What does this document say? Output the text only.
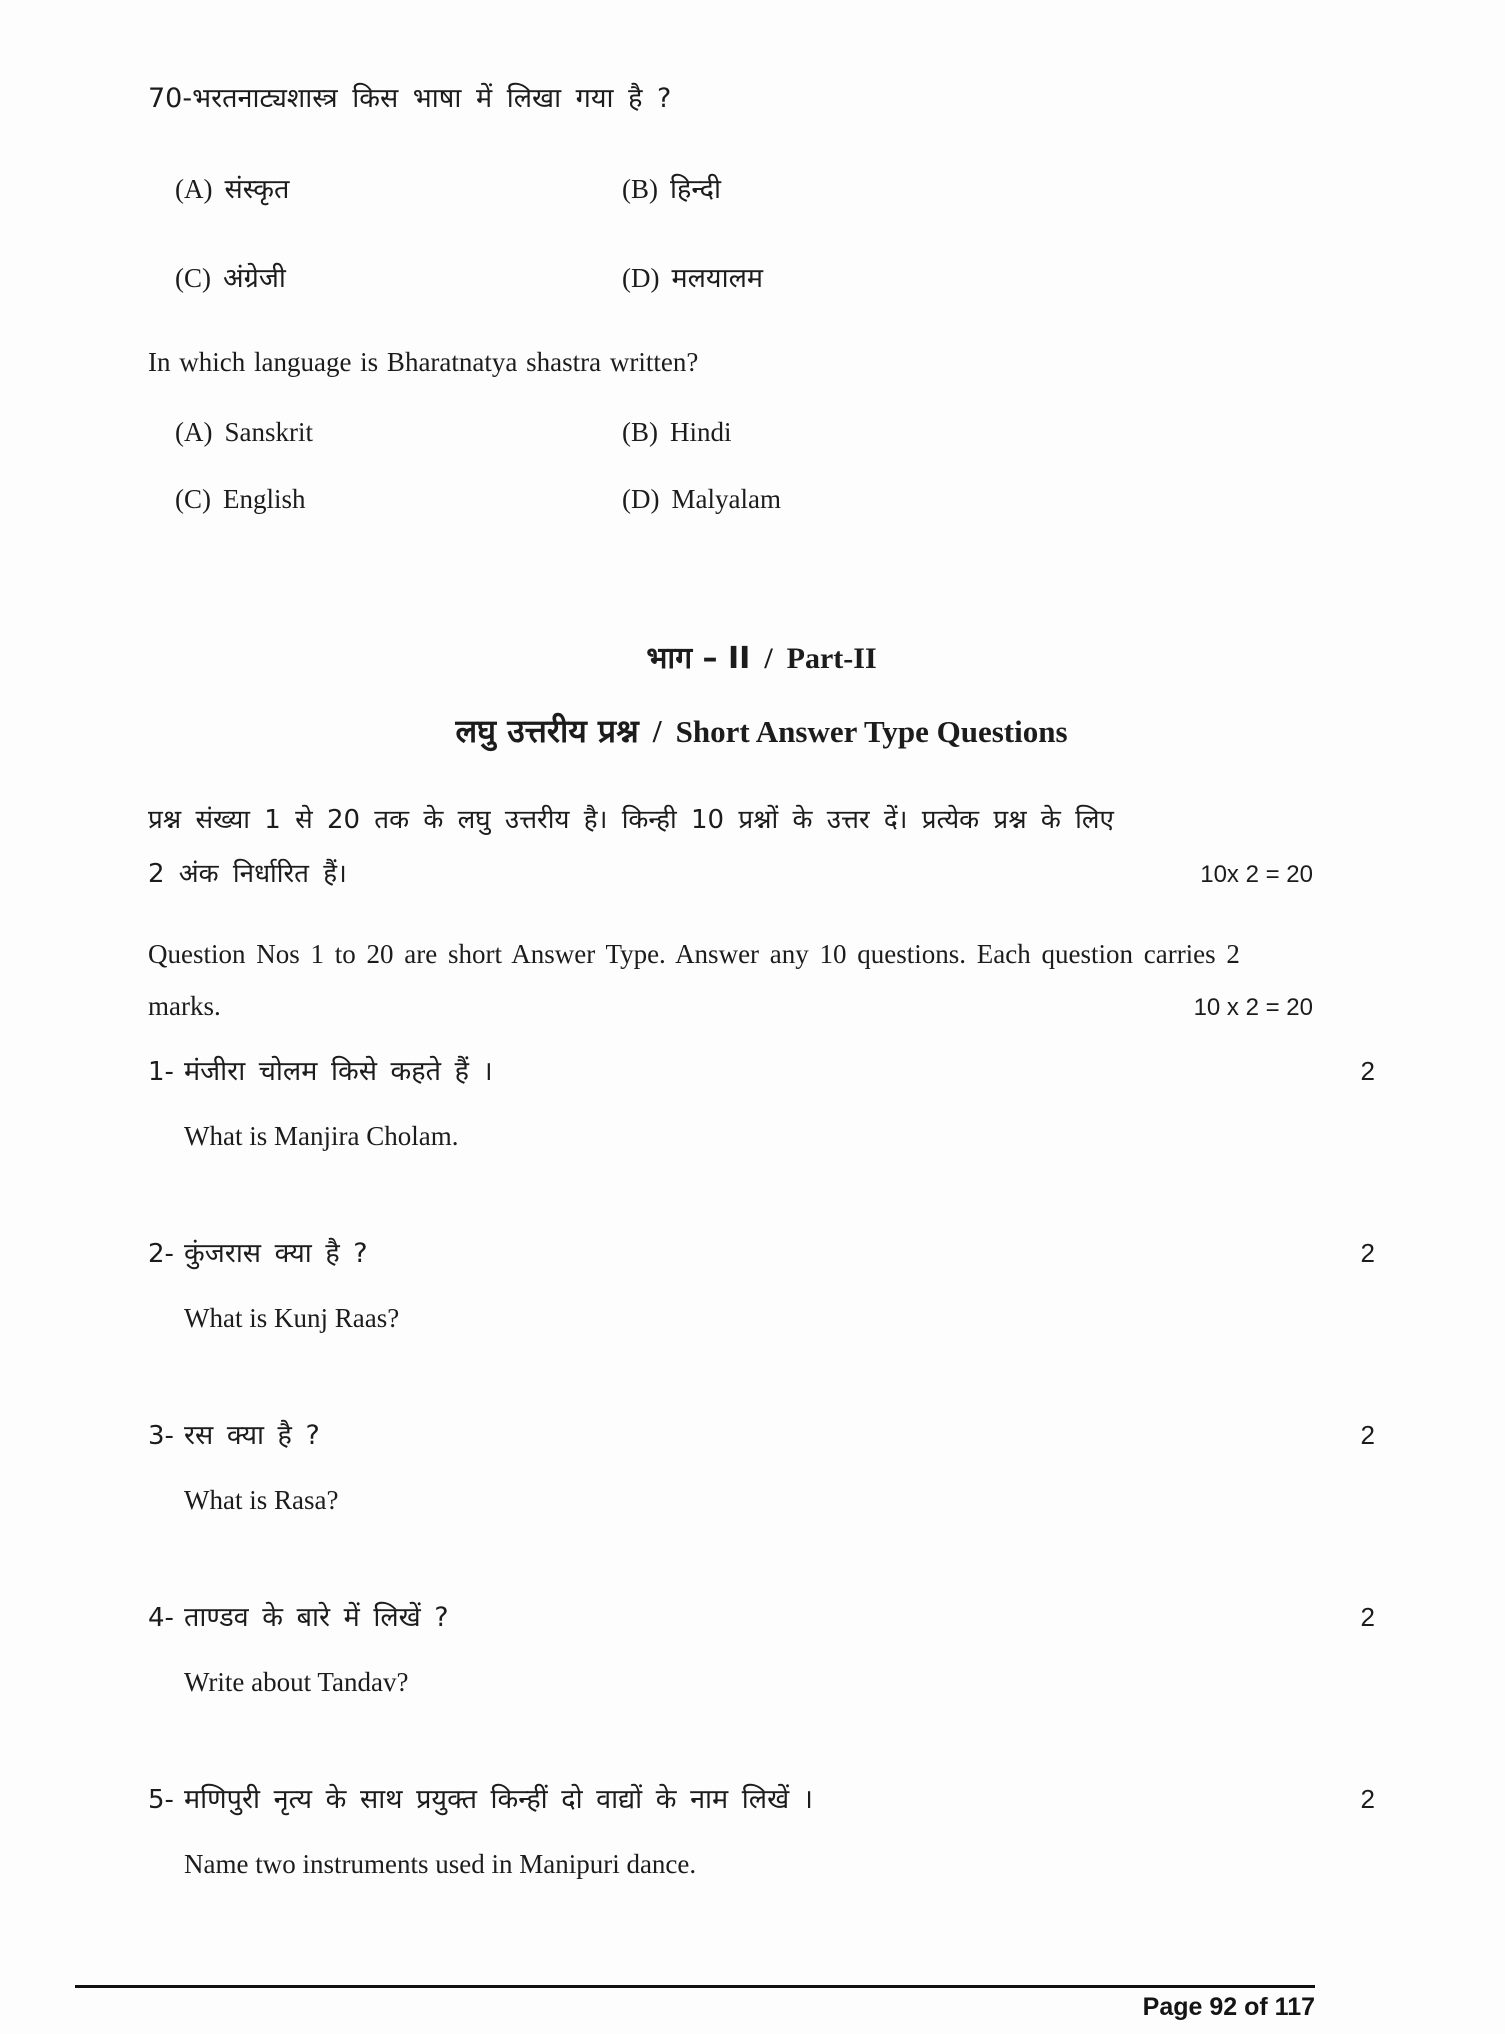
70-भरतनाट्यशास्त्र किस भाषा में लिखा गया है ?
(A) संस्कृत	(B) हिन्दी
(C) अंग्रेजी	(D) मलयालम
In which language is Bharatnatya shastra written?
(A) Sanskrit	(B) Hindi
(C) English	(D) Malyalam
भाग – II / Part-II
लघु उत्तरीय प्रश्न / Short Answer Type Questions
प्रश्न संख्या 1 से 20 तक के लघु उत्तरीय है। किन्ही 10 प्रश्नों के उत्तर दें। प्रत्येक प्रश्न के लिए
2 अंक निर्धारित हैं।	10x 2 = 20
Question Nos 1 to 20 are short Answer Type. Answer any 10 questions. Each question carries 2
marks.	10 x 2 = 20
1- मंजीरा चोलम किसे कहते हैं ।	2
What is Manjira Cholam.
2- कुंजरास क्या है ?	2
What is Kunj Raas?
3- रस क्या है ?	2
What is Rasa?
4- ताण्डव के बारे में लिखें ?	2
Write about Tandav?
5- मणिपुरी नृत्य के साथ प्रयुक्त किन्हीं दो वाद्यों के नाम लिखें ।	2
Name two instruments used in Manipuri dance.
Page 92 of 117
